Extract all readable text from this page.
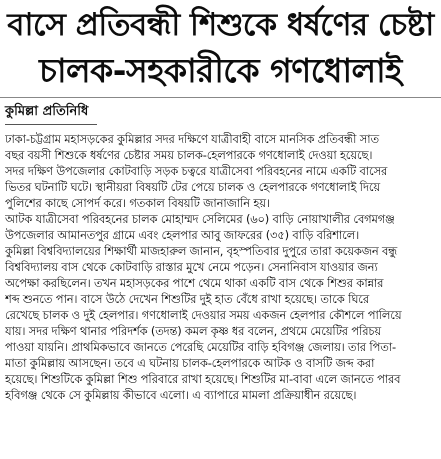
বাসে প্রতিবন্ধী শিশুকে ধর্ষণের চেষ্টা
চালক-সহকারীকে গণধোলাই
কুমিল্লা প্রতিনিধি
ঢাকা-চট্টগ্রাম মহাসড়কের কুমিল্লার সদর দক্ষিণে যাত্রীবাহী বাসে মানসিক প্রতিবন্ধী সাত
বছর বয়সী শিশুকে ধর্ষণের চেষ্টার সময় চালক-হেলপারকে গণধোলাই দেওয়া হয়েছে।
সদর দক্ষিণ উপজেলার কোটবাড়ি সড়ক চত্বরে যাত্রীসেবা পরিবহনের নামে একটি বাসের
ভিতর ঘটনাটি ঘটে। স্থানীয়রা বিষয়টি টের পেয়ে চালক ও হেলপারকে গণধোলাই দিয়ে
পুলিশের কাছে সোপর্দ করে। গতকাল বিষয়টি জানাজানি হয়।
আটক যাত্রীসেবা পরিবহনের চালক মোহাম্মদ সেলিমের (৬০) বাড়ি নোয়াখালীর বেগমগঞ্জ
উপজেলার আমানতপুর গ্রামে এবং হেলপার আবু জাফরের (৩৫) বাড়ি বরিশালে।
কুমিল্লা বিশ্ববিদ্যালয়ের শিক্ষার্থী মাজহারুল জানান, বৃহস্পতিবার দুপুরে তারা কয়েকজন বন্ধু
বিশ্ববিদ্যালয় বাস থেকে কোটবাড়ি রাস্তার মুখে নেমে পড়েন। সেনানিবাস যাওয়ার জন্য
অপেক্ষা করছিলেন। তখন মহাসড়কের পাশে থেমে থাকা একটি বাস থেকে শিশুর কান্নার
শব্দ শুনতে পান। বাসে উঠে দেখেন শিশুটির দুই হাত বেঁধে রাখা হয়েছে। তাকে ঘিরে
রেখেছে চালক ও দুই হেলপার। গণধোলাই দেওয়ার সময় একজন হেলপার কৌশলে পালিয়ে
যায়। সদর দক্ষিণ থানার পরিদর্শক (তদন্ত) কমল কৃষ্ণ ধর বলেন, প্রথমে মেয়েটির পরিচয়
পাওয়া যায়নি। প্রাথমিকভাবে জানতে পেরেছি মেয়েটির বাড়ি হবিগঞ্জ জেলায়। তার পিতা-
মাতা কুমিল্লায় আসছেন। তবে এ ঘটনায় চালক-হেলপারকে আটক ও বাসটি জব্দ করা
হয়েছে। শিশুটিকে কুমিল্লা শিশু পরিবারে রাখা হয়েছে। শিশুটির মা-বাবা এলে জানতে পারব
হবিগঞ্জ থেকে সে কুমিল্লায় কীভাবে এলো। এ ব্যাপারে মামলা প্রক্রিয়াধীন রয়েছে।
